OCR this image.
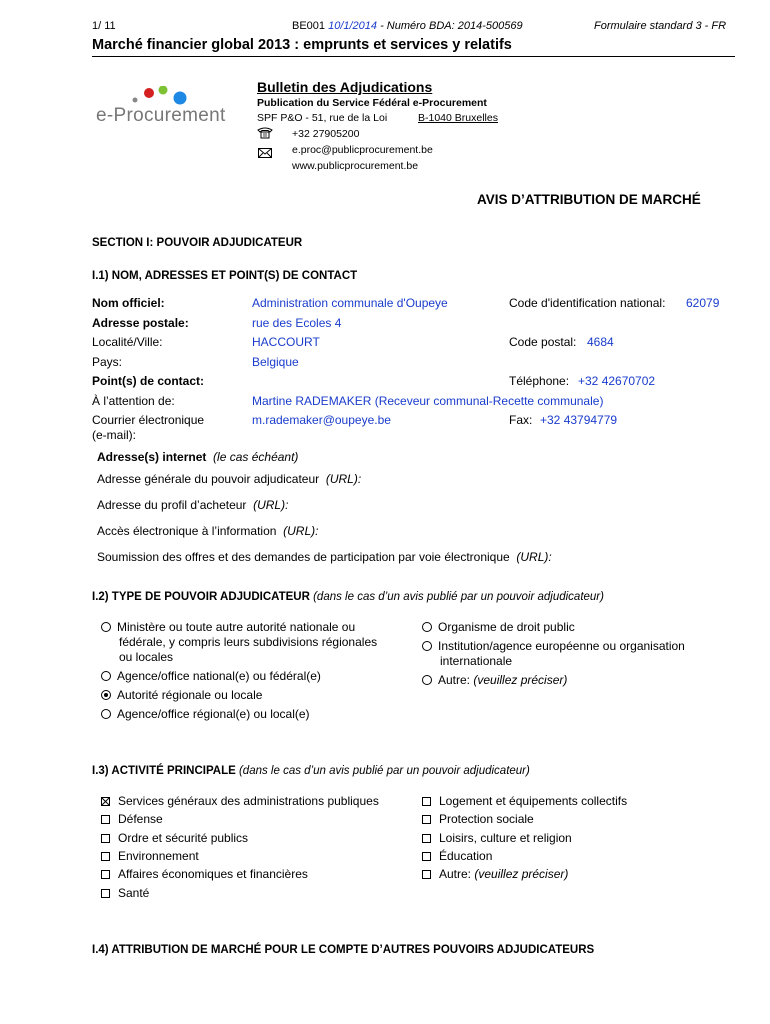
1/ 11	BE001 10/1/2014 - Numéro BDA: 2014-500569	Formulaire standard 3 - FR
Marché financier global 2013 : emprunts et services y relatifs
e-Procurement
Bulletin des Adjudications
Publication du Service Fédéral e-Procurement
SPF P&O - 51, rue de la Loi	B-1040 Bruxelles
+32 27905200
e.proc@publicprocurement.be
www.publicprocurement.be
AVIS D’ATTRIBUTION DE MARCHÉ
SECTION I: POUVOIR ADJUDICATEUR
I.1) NOM, ADRESSES ET POINT(S) DE CONTACT
Nom officiel:	Administration communale d'Oupeye	Code d'identification national: 62079
Adresse postale:	rue des Ecoles 4
Localité/Ville:	HACCOURT	Code postal: 4684
Pays:	Belgique
Point(s) de contact:	Téléphone: +32 42670702
À l’attention de:	Martine RADEMAKER (Receveur communal-Recette communale)
Courrier électronique
(e-mail):
m.rademaker@oupeye.be	Fax: +32 43794779
Adresse(s) internet (le cas échéant)
Adresse générale du pouvoir adjudicateur (URL):
Adresse du profil d’acheteur (URL):
Accès électronique à l’information (URL):
Soumission des offres et des demandes de participation par voie électronique (URL):
I.2) TYPE DE POUVOIR ADJUDICATEUR (dans le cas d’un avis publié par un pouvoir adjudicateur)
Ministère ou toute autre autorité nationale ou
fédérale, y compris leurs subdivisions régionales
ou locales
Agence/office national(e) ou fédéral(e)
Autorité régionale ou locale
Agence/office régional(e) ou local(e)
Organisme de droit public
Institution/agence européenne ou organisation
internationale
Autre: (veuillez préciser)
I.3) ACTIVITÉ PRINCIPALE (dans le cas d’un avis publié par un pouvoir adjudicateur)
Services généraux des administrations publiques
Défense
Ordre et sécurité publics
Environnement
Affaires économiques et financières
Santé
Logement et équipements collectifs
Protection sociale
Loisirs, culture et religion
Éducation
Autre: (veuillez préciser)
I.4) ATTRIBUTION DE MARCHÉ POUR LE COMPTE D’AUTRES POUVOIRS ADJUDICATEURS
